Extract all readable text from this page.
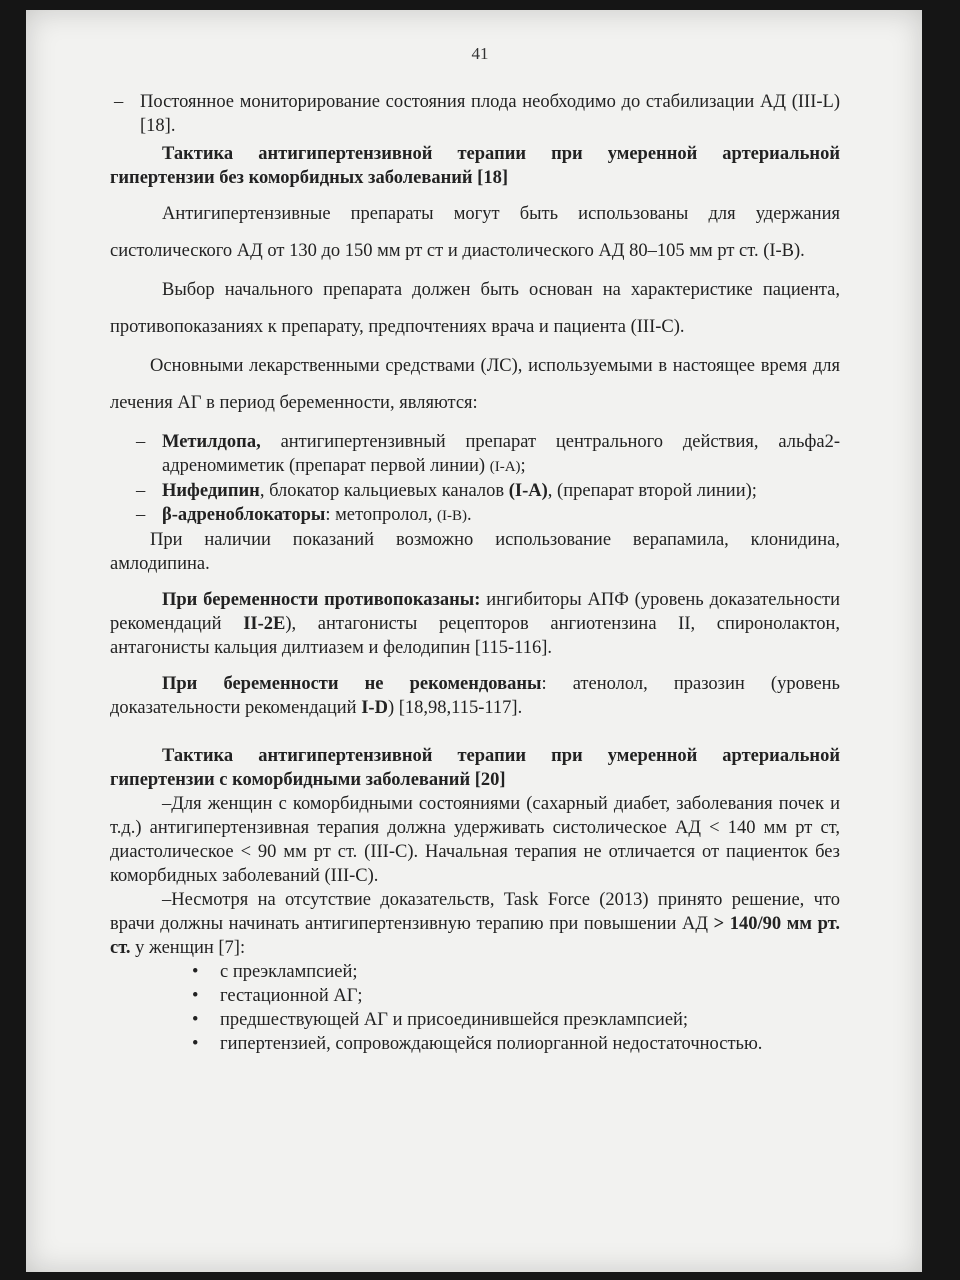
41

– Постоянное мониторирование состояния плода необходимо до стабилизации АД (III-L) [18].

Тактика антигипертензивной терапии при умеренной артериальной гипертензии без коморбидных заболеваний [18]

Антигипертензивные препараты могут быть использованы для удержания систолического АД от 130 до 150 мм рт ст и диастолического АД 80–105 мм рт ст. (I-B).

Выбор начального препарата должен быть основан на характеристике пациента, противопоказаниях к препарату, предпочтениях врача и пациента (III-C).

Основными лекарственными средствами (ЛС), используемыми в настоящее время для лечения АГ в период беременности, являются:

– Метилдопа, антигипертензивный препарат центрального действия, альфа2-адреномиметик (препарат первой линии) (I-A);

– Нифедипин, блокатор кальциевых каналов (I-A), (препарат второй линии);

– β-адреноблокаторы: метопролол, (I-B).

При наличии показаний возможно использование верапамила, клонидина, амлодипина.

При беременности противопоказаны: ингибиторы АПФ (уровень доказательности рекомендаций II-2E), антагонисты рецепторов ангиотензина II, спиронолактон, антагонисты кальция дилтиазем и фелодипин [115-116].

При беременности не рекомендованы: атенолол, празозин (уровень доказательности рекомендаций I-D) [18,98,115-117].

Тактика антигипертензивной терапии при умеренной артериальной гипертензии с коморбидными заболеваний [20]

–Для женщин с коморбидными состояниями (сахарный диабет, заболевания почек и т.д.) антигипертензивная терапия должна удерживать систолическое АД < 140 мм рт ст, диастолическое < 90 мм рт ст. (III-C). Начальная терапия не отличается от пациенток без коморбидных заболеваний (III-C).

–Несмотря на отсутствие доказательств, Task Force (2013) принято решение, что врачи должны начинать антигипертензивную терапию при повышении АД > 140/90 мм рт. ст. у женщин [7]:

• с преэклампсией;
• гестационной АГ;
• предшествующей АГ и присоединившейся преэклампсией;
• гипертензией, сопровождающейся полиорганной недостаточностью.
